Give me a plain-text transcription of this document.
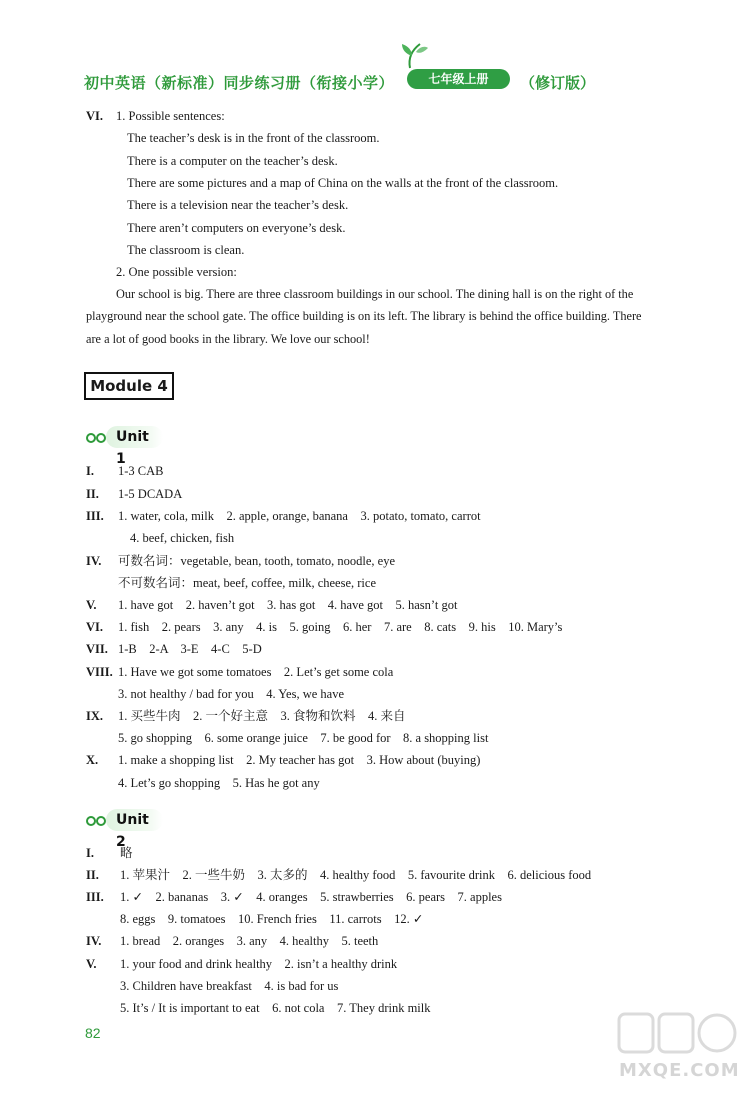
初中英语（新标准）同步练习册（衔接小学）	七年级上册	（修订版）
VI. 1. Possible sentences:
The teacher’s desk is in the front of the classroom.
There is a computer on the teacher’s desk.
There are some pictures and a map of China on the walls at the front of the classroom.
There is a television near the teacher’s desk.
There aren’t computers on everyone’s desk.
The classroom is clean.
2. One possible version:
Our school is big. There are three classroom buildings in our school. The dining hall is on the right of the
playground near the school gate. The office building is on its left. The library is behind the office building. There
are a lot of good books in the library. We love our school!
Module 4
Unit 1
I. 1-3 CAB
II. 1-5 DCADA
III. 1. water, cola, milk    2. apple, orange, banana    3. potato, tomato, carrot
4. beef, chicken, fish
IV. 可数名词：vegetable, bean, tooth, tomato, noodle, eye
不可数名词：meat, beef, coffee, milk, cheese, rice
V. 1. have got    2. haven’t got    3. has got    4. have got    5. hasn’t got
VI. 1. fish    2. pears    3. any    4. is    5. going    6. her    7. are    8. cats    9. his    10. Mary’s
VII. 1-B    2-A    3-E    4-C    5-D
VIII. 1. Have we got some tomatoes    2. Let’s get some cola
3. not healthy / bad for you    4. Yes, we have
IX. 1. 买些牛肉    2. 一个好主意    3. 食物和饮料    4. 来自
5. go shopping    6. some orange juice    7. be good for    8. a shopping list
X. 1. make a shopping list    2. My teacher has got    3. How about (buying)
4. Let’s go shopping    5. Has he got any
Unit 2
I. 略
II. 1. 苹果汁    2. 一些牛奶    3. 太多的    4. healthy food    5. favourite drink    6. delicious food
III. 1. ✓    2. bananas    3. ✓    4. oranges    5. strawberries    6. pears    7. apples
8. eggs    9. tomatoes    10. French fries    11. carrots    12. ✓
IV. 1. bread    2. oranges    3. any    4. healthy    5. teeth
V. 1. your food and drink healthy    2. isn’t a healthy drink
3. Children have breakfast    4. is bad for us
5. It’s / It is important to eat    6. not cola    7. They drink milk
82
MXQE.COM
